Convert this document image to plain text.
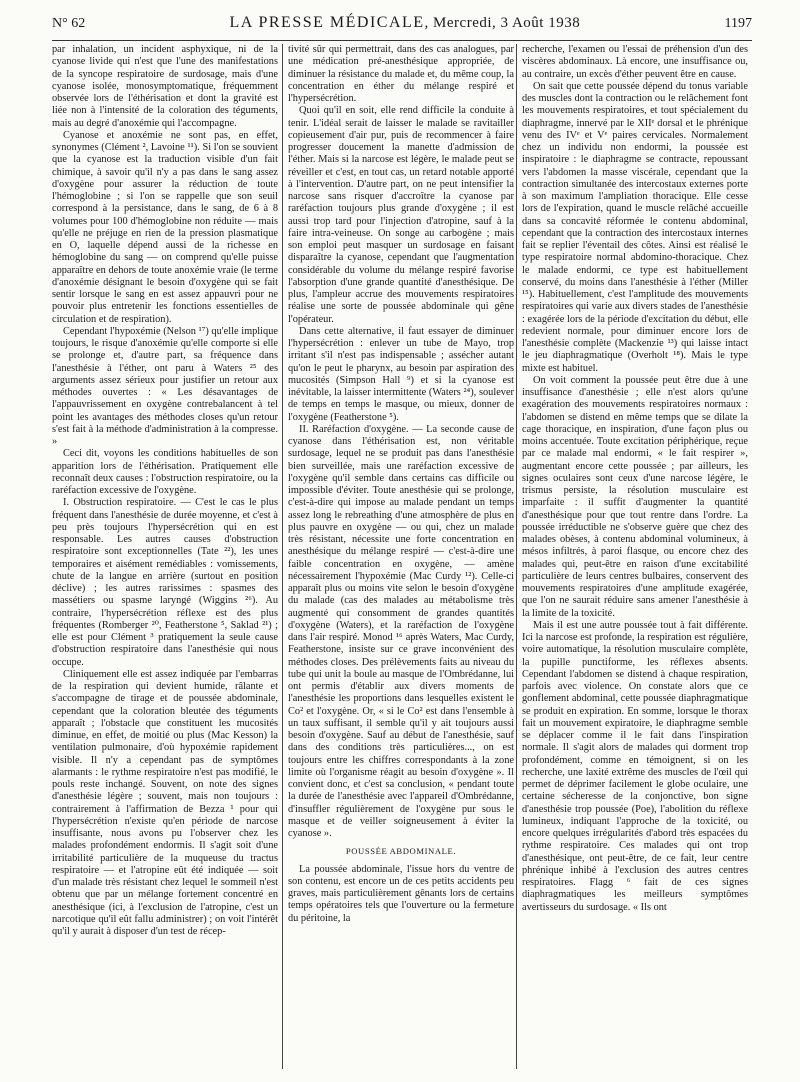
N° 62	LA PRESSE MÉDICALE, Mercredi, 3 Août 1938	1197

par inhalation, un incident asphyxique, ni de la cyanose livide qui n'est que l'une des manifestations de la syncope respiratoire de surdosage, mais d'une cyanose isolée, monosymptomatique, fréquemment observée lors de l'éthérisation et dont la gravité est liée non à l'intensité de la coloration des téguments, mais au degré d'anoxémie qui l'accompagne.

Cyanose et anoxémie ne sont pas, en effet, synonymes (Clément ², Lavoine ¹¹). Si l'on se souvient que la cyanose est la traduction visible d'un fait chimique, à savoir qu'il n'y a pas dans le sang assez d'oxygène pour assurer la réduction de toute l'hémoglobine ; si l'on se rappelle que son seuil correspond à la persistance, dans le sang, de 6 à 8 volumes pour 100 d'hémoglobine non réduite — mais qu'elle ne préjuge en rien de la pression plasmatique en O, laquelle dépend aussi de la richesse en hémoglobine du sang — on comprend qu'elle puisse apparaître en dehors de toute anoxémie vraie (le terme d'anoxémie désignant le besoin d'oxygène qui se fait sentir lorsque le sang en est assez appauvri pour ne pouvoir plus entretenir les fonctions essentielles de circulation et de respiration).

Cependant l'hypoxémie (Nelson ¹⁷) qu'elle implique toujours, le risque d'anoxémie qu'elle comporte si elle se prolonge et, d'autre part, sa fréquence dans l'anesthésie à l'éther, ont paru à Waters ²⁵ des arguments assez sérieux pour justifier un retour aux méthodes ouvertes : « Les désavantages de l'appauvrissement en oxygène contrebalancent à tel point les avantages des méthodes closes qu'un retour s'est fait à la méthode d'administration à la compresse. »

Ceci dit, voyons les conditions habituelles de son apparition lors de l'éthérisation. Pratiquement elle reconnaît deux causes : l'obstruction respiratoire, ou la raréfaction excessive de l'oxygène.

I. Obstruction respiratoire. — C'est le cas le plus fréquent dans l'anesthésie de durée moyenne, et c'est à peu près toujours l'hypersécrétion qui en est responsable. Les autres causes d'obstruction respiratoire sont exceptionnelles (Tate ²²), les unes temporaires et aisément remédiables : vomissements, chute de la langue en arrière (surtout en position déclive) ; les autres rarissimes : spasmes des massétiers ou spasme laryngé (Wiggins ²⁶). Au contraire, l'hypersécrétion réflexe est des plus fréquentes (Romberger ²⁰, Featherstone ⁵, Saklad ²¹) ; elle est pour Clément ³ pratiquement la seule cause d'obstruction respiratoire dans l'anesthésie qui nous occupe.

Cliniquement elle est assez indiquée par l'embarras de la respiration qui devient humide, râlante et s'accompagne de tirage et de poussée abdominale, cependant que la coloration bleutée des téguments apparaît ; l'obstacle que constituent les mucosités diminue, en effet, de moitié ou plus (Mac Kesson) la ventilation pulmonaire, d'où hypoxémie rapidement visible. Il n'y a cependant pas de symptômes alarmants : le rythme respiratoire n'est pas modifié, le pouls reste inchangé. Souvent, on note des signes d'anesthésie légère ; souvent, mais non toujours : contrairement à l'affirmation de Bezza ¹ pour qui l'hypersécrétion n'existe qu'en période de narcose insuffisante, nous avons pu l'observer chez les malades profondément endormis. Il s'agit soit d'une irritabilité particulière de la muqueuse du tractus respiratoire — et l'atropine eût été indiquée — soit d'un malade très résistant chez lequel le sommeil n'est obtenu que par un mélange fortement concentré en anesthésique (ici, à l'exclusion de l'atropine, c'est un narcotique qu'il eût fallu administrer) ; on voit l'intérêt qu'il y aurait à disposer d'un test de récep-

tivité sûr qui permettrait, dans des cas analogues, par une médication pré-anesthésique appropriée, de diminuer la résistance du malade et, du même coup, la concentration en éther du mélange respiré et l'hypersécrétion.

Quoi qu'il en soit, elle rend difficile la conduite à tenir. L'idéal serait de laisser le malade se ravitailler copieusement d'air pur, puis de recommencer à faire progresser doucement la manette d'admission de l'éther. Mais si la narcose est légère, le malade peut se réveiller et c'est, en tout cas, un retard notable apporté à l'intervention. D'autre part, on ne peut intensifier la narcose sans risquer d'accroître la cyanose par raréfaction toujours plus grande d'oxygène ; il est aussi trop tard pour l'injection d'atropine, sauf à la faire intra-veineuse. On songe au carbogène ; mais son emploi peut masquer un surdosage en faisant disparaître la cyanose, cependant que l'augmentation considérable du volume du mélange respiré favorise l'absorption d'une grande quantité d'anesthésique. De plus, l'ampleur accrue des mouvements respiratoires réalise une sorte de poussée abdominale qui gêne l'opérateur.

Dans cette alternative, il faut essayer de diminuer l'hypersécrétion : enlever un tube de Mayo, trop irritant s'il n'est pas indispensable ; assécher autant qu'on le peut le pharynx, au besoin par aspiration des mucosités (Simpson Hall ⁹) et si la cyanose est inévitable, la laisser intermittente (Waters ²⁴), soulever de temps en temps le masque, ou mieux, donner de l'oxygène (Featherstone ⁵).

II. Raréfaction d'oxygène. — La seconde cause de cyanose dans l'éthérisation est, non véritable surdosage, lequel ne se produit pas dans l'anesthésie bien surveillée, mais une raréfaction excessive de l'oxygène qu'il semble dans certains cas difficile ou impossible d'éviter. Toute anesthésie qui se prolonge, c'est-à-dire qui impose au malade pendant un temps assez long le rebreathing d'une atmosphère de plus en plus pauvre en oxygène — ou qui, chez un malade très résistant, nécessite une forte concentration en anesthésique du mélange respiré — c'est-à-dire une faible concentration en oxygène, — amène nécessairement l'hypoxémie (Mac Curdy ¹²). Celle-ci apparaît plus ou moins vite selon le besoin d'oxygène du malade (cas des malades au métabolisme très augmenté qui consomment de grandes quantités d'oxygène (Waters), et la raréfaction de l'oxygène dans l'air respiré. Monod ¹⁶ après Waters, Mac Curdy, Featherstone, insiste sur ce grave inconvénient des méthodes closes. Des prélèvements faits au niveau du tube qui unit la boule au masque de l'Ombrédanne, lui ont permis d'établir aux divers moments de l'anesthésie les proportions dans lesquelles existent le Co² et l'oxygène. Or, « si le Co² est dans l'ensemble à un taux suffisant, il semble qu'il y ait toujours aussi besoin d'oxygène. Sauf au début de l'anesthésie, sauf dans des conditions très particulières..., on est toujours entre les chiffres correspondants à la zone limite où l'organisme réagit au besoin d'oxygène ». Il convient donc, et c'est sa conclusion, « pendant toute la durée de l'anesthésie avec l'appareil d'Ombrédanne, d'insuffler régulièrement de l'oxygène pur sous le masque et de veiller soigneusement à éviter la cyanose ».

POUSSÉE ABDOMINALE.

La poussée abdominale, l'issue hors du ventre de son contenu, est encore un de ces petits accidents peu graves, mais particulièrement gênants lors de certains temps opératoires tels que l'ouverture ou la fermeture du péritoine, la

recherche, l'examen ou l'essai de préhension d'un des viscères abdominaux. Là encore, une insuffisance ou, au contraire, un excès d'éther peuvent être en cause.

On sait que cette poussée dépend du tonus variable des muscles dont la contraction ou le relâchement font les mouvements respiratoires, et tout spécialement du diaphragme, innervé par le XIIᵉ dorsal et le phrénique venu des IVᵉ et Vᵉ paires cervicales. Normalement chez un individu non endormi, la poussée est inspiratoire : le diaphragme se contracte, repoussant vers l'abdomen la masse viscérale, cependant que la contraction simultanée des intercostaux externes porte à son maximum l'ampliation thoracique. Elle cesse lors de l'expiration, quand le muscle relâché accueille dans sa concavité réformée le contenu abdominal, cependant que la contraction des intercostaux internes fait se replier l'éventail des côtes. Ainsi est réalisé le type respiratoire normal abdomino-thoracique. Chez le malade endormi, ce type est habituellement conservé, du moins dans l'anesthésie à l'éther (Miller ¹⁵). Habituellement, c'est l'amplitude des mouvements respiratoires qui varie aux divers stades de l'anesthésie : exagérée lors de la période d'excitation du début, elle redevient normale, pour diminuer encore lors de l'anesthésie complète (Mackenzie ¹³) qui laisse intact le jeu diaphragmatique (Overholt ¹⁸). Mais le type mixte est habituel.

On voit comment la poussée peut être due à une insuffisance d'anesthésie ; elle n'est alors qu'une exagération des mouvements respiratoires normaux : l'abdomen se distend en même temps que se dilate la cage thoracique, en inspiration, d'une façon plus ou moins accentuée. Toute excitation périphérique, reçue par ce malade mal endormi, « le fait respirer », augmentant encore cette poussée ; par ailleurs, les signes oculaires sont ceux d'une narcose légère, le trismus persiste, la résolution musculaire est imparfaite : il suffit d'augmenter la quantité d'anesthésique pour que tout rentre dans l'ordre. La poussée irréductible ne s'observe guère que chez des malades obèses, à contenu abdominal volumineux, à mésos infiltrés, à paroi flasque, ou encore chez des malades qui, peut-être en raison d'une excitabilité particulière de leurs centres bulbaires, conservent des mouvements respiratoires d'une amplitude exagérée, que l'on ne saurait réduire sans amener l'anesthésie à la limite de la toxicité.

Mais il est une autre poussée tout à fait différente. Ici la narcose est profonde, la respiration est régulière, voire automatique, la résolution musculaire complète, la pupille punctiforme, les réflexes absents. Cependant l'abdomen se distend à chaque respiration, parfois avec violence. On constate alors que ce gonflement abdominal, cette poussée diaphragmatique se produit en expiration. En somme, lorsque le thorax fait un mouvement expiratoire, le diaphragme semble se déplacer comme il le fait dans l'inspiration normale. Il s'agit alors de malades qui dorment trop profondément, comme en témoignent, si on les recherche, une laxité extrême des muscles de l'œil qui permet de déprimer facilement le globe oculaire, une certaine sécheresse de la conjonctive, bon signe d'anesthésie trop poussée (Poe), l'abolition du réflexe lumineux, indiquant l'approche de la toxicité, ou encore quelques irrégularités d'abord très espacées du rythme respiratoire. Ces malades qui ont trop d'anesthésique, ont peut-être, de ce fait, leur centre phrénique inhibé à l'exclusion des autres centres respiratoires. Flagg ⁶ fait de ces signes diaphragmatiques les meilleurs symptômes avertisseurs du surdosage. « Ils ont
